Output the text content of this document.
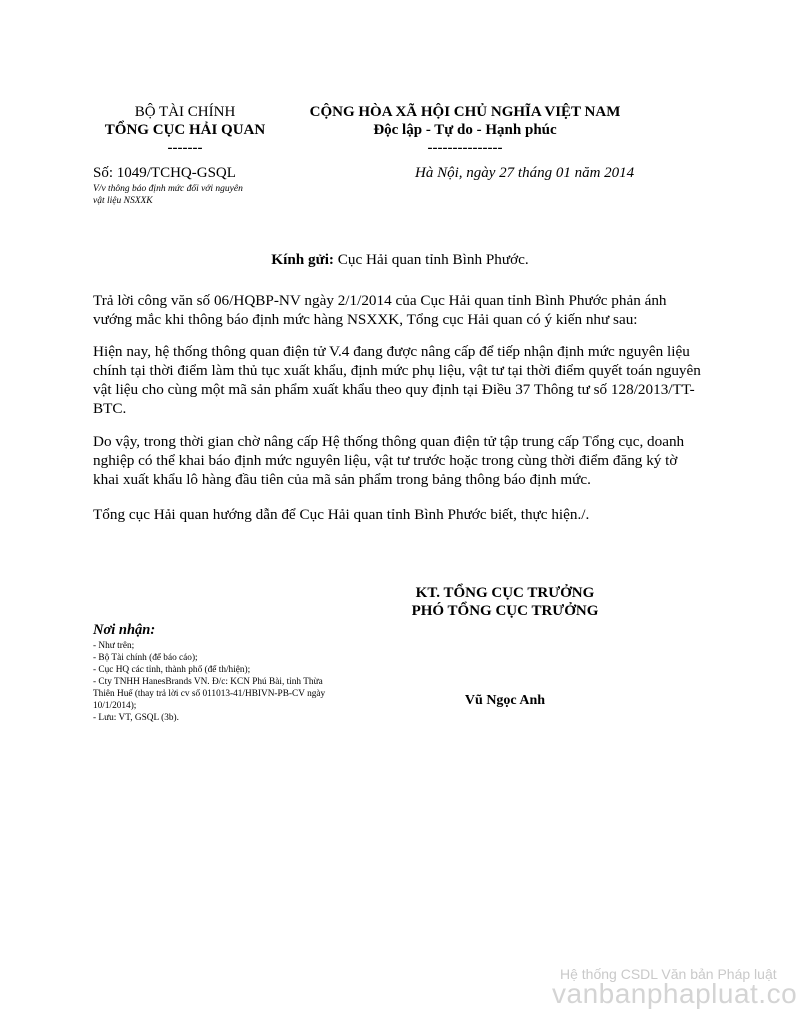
BỘ TÀI CHÍNH
TỔNG CỤC HẢI QUAN
-------
CỘNG HÒA XÃ HỘI CHỦ NGHĨA VIỆT NAM
Độc lập - Tự do - Hạnh phúc
---------------
Số: 1049/TCHQ-GSQL
V/v thông báo định mức đối với nguyên
vật liệu NSXXK
Hà Nội, ngày 27 tháng 01 năm 2014
Kính gửi: Cục Hải quan tỉnh Bình Phước.
Trả lời công văn số 06/HQBP-NV ngày 2/1/2014 của Cục Hải quan tỉnh Bình Phước phản ánh vướng mắc khi thông báo định mức hàng NSXXK, Tổng cục Hải quan có ý kiến như sau:
Hiện nay, hệ thống thông quan điện tử V.4 đang được nâng cấp để tiếp nhận định mức nguyên liệu chính tại thời điểm làm thủ tục xuất khẩu, định mức phụ liệu, vật tư tại thời điểm quyết toán nguyên vật liệu cho cùng một mã sản phẩm xuất khẩu theo quy định tại Điều 37 Thông tư số 128/2013/TT-BTC.
Do vậy, trong thời gian chờ nâng cấp Hệ thống thông quan điện tử tập trung cấp Tổng cục, doanh nghiệp có thể khai báo định mức nguyên liệu, vật tư trước hoặc trong cùng thời điểm đăng ký tờ khai xuất khẩu lô hàng đầu tiên của mã sản phẩm trong bảng thông báo định mức.
Tổng cục Hải quan hướng dẫn để Cục Hải quan tỉnh Bình Phước biết, thực hiện./.
KT. TỔNG CỤC TRƯỞNG
PHÓ TỔNG CỤC TRƯỞNG
Vũ Ngọc Anh
Nơi nhận:
- Như trên;
- Bộ Tài chính (để báo cáo);
- Cục HQ các tỉnh, thành phố (để th/hiện);
- Cty TNHH HanesBrands VN. Đ/c: KCN Phú Bài, tỉnh Thừa Thiên Huế (thay trả lời cv số 011013-41/HBIVN-PB-CV ngày 10/1/2014);
- Lưu: VT, GSQL (3b).
Hệ thống CSDL Văn bản Pháp luật
vanbanphapluat.co
